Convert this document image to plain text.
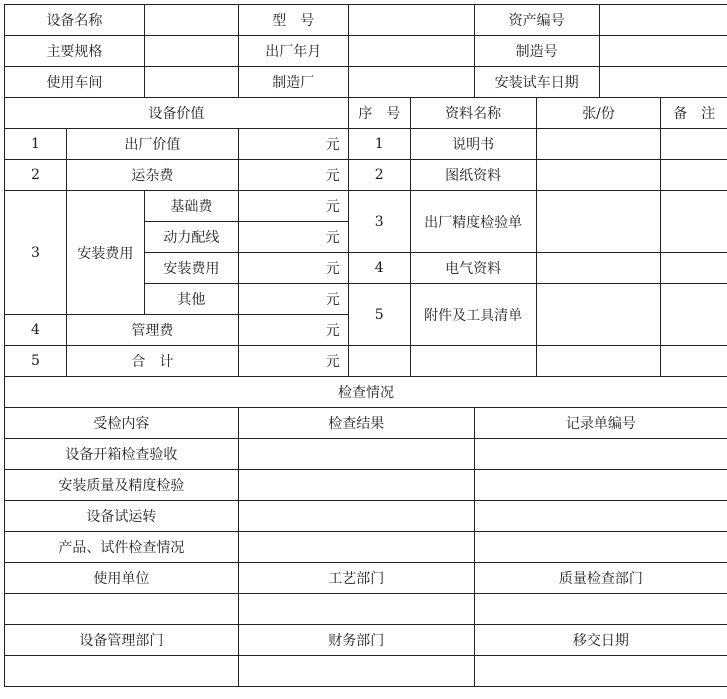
设备名称			型　号			资产编号			
主要规格			出厂年月			制造号			
使用车间			制造厂			安装试车日期			
设备价值				序　号	资料名称		张/份		备　注
1	出厂价值		元	1	说明书				
2	运杂费		元	2	图纸资料				
3	安装费用	基础费	元	3	出厂精度检验单				
		动力配线	元						
		安装费用	元	4	电气资料				
		其他	元	5	附件及工具清单				
4	管理费		元						
5	合　计		元						
检查情况									
受检内容			检查结果			记录单编号			
设备开箱检查验收									
安装质量及精度检验									
设备试运转									
产品、试件检查情况									
使用单位			工艺部门			质量检查部门			

设备管理部门			财务部门			移交日期			
